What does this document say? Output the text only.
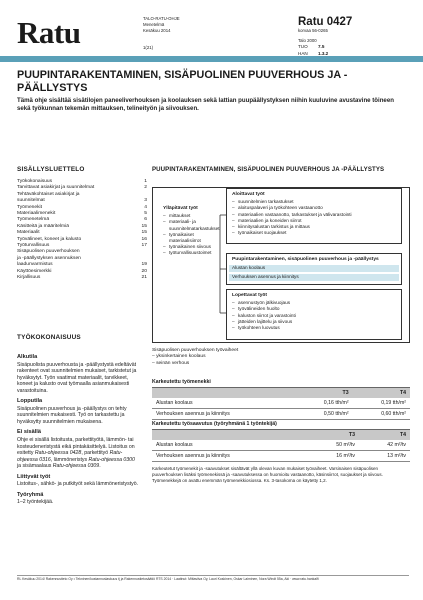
Ratu	TALO-RATU-OHJE
Menetelmä
Kesäkuu 2014
1(21)
Ratu 0427
korvaa 56-0265
Talo 2000
TUO	7.5
HAN	1.3.2
PUUPINTARAKENTAMINEN, SISÄPUOLINEN PUUVERHOUS JA -PÄÄLLYSTYS
Tämä ohje sisältää sisätilojen paneeliverhouksen ja koolauksen sekä lattian puupäällystyksen niihin kuuluvine avustavine töineen sekä työkunnan tekemän mittauksen, telineityön ja siivouksen.
SISÄLLYSLUETTELO
Työkokonaisuus	1
Tarvittavat asiakirjat ja suunnitelmat	2
Tehtäväkohtaiset asiakirjat ja
suunnitelmat	3
Työmenekit	4
Materiaalimenekit	5
Työmenetelmä	6
Käsitteitä ja määritelmiä	15
Materiaalit	15
Työvälineet, koneet ja kalusto	16
Työturvallisuus	17
Sisäpuolisen puuverhouksen
ja -päällystyksen asennuksen
laadunvarmistus	19
Käyttöesimerkki	20
Kirjallisuus	21
TYÖKOKONAISUUS
Alkutila

Sisäpuolista puuverhousta ja -päällystystä edeltävät rakenteet ovat suunnitelmien mukaiset, tarkistetut ja hyväksytyt. Työn vaatimat materiaalit, tarvikkeet, koneet ja kalusto ovat työmaalla asianmukaisesti varastoituina.

Lopputila

Sisäpuolinen puuverhous ja -päällystys on tehty suunnitelmien mukaisesti. Työ on tarkastettu ja hyväksytty suunnitelmien mukaisena.

Ei sisällä

Ohje ei sisällä listoitusta, parkettityötä, lämmön- tai kosteudeneristystä eikä pintakäsittelyä. Listoitus on esitetty Ratu-ohjeessa 0428, parkettityö Ratu-ohjeessa 0316, lämmöneristys Ratu-ohjeessa 0300 ja sisämaalaus Ratu-ohjeessa 0309.

Liittyvät työt

Listoitus-, sähkö- ja putkityöt sekä lämmöneristystyö.

Työryhmä

1–2 työntekijää.

PUUPINTARAKENTAMINEN, SISÄPUOLINEN PUUVERHOUS JA -PÄÄLLYSTYS
Ylläpitävät työt
– mittaukset
– materiaali- ja suunnitelmatarkastukset
– työnaikaiset materiaalisiirrot
– työnaikainen siivous
– työturvallisuustoimet
Aloittavat työt
– suunnitelmien tarkastukset
– aloituspalaveri ja työkohteen vastaanotto
– materiaalien vastaanotto, tarkastukset ja välivarastointi
– materiaalien ja koneiden siirrot
– kiinnitysalustan tarkistus ja mittaus
– työnaikaiset suojaukset
Puupintarakentaminen, sisäpuolinen puuverhous ja -päällystys
Alustan koolaus
Verhouksen asennus ja kiinnitys
Lopettavat työt
– asennustyön jälkivuojaus
– työvälineiden huolto
– kaluston siirrot ja varastointi
– jätteiden lajittelu ja siivous
– työkohteen luovutus
Sisäpuolisen puuverhouksen työvaiheet
– yksinkertainen koolaus
– seinän verhous
Karkeutettu työmenekki
	T3	T4
Alustan koolaus	0,16 tth/m²	0,19 tth/m²
Verhouksen asennus ja kiinnitys	0,50 tth/m²	0,60 tth/m²
Karkeutettu työsaavutus (työryhmänä 1 työntekijä)
	T3	T4
Alustan koolaus	50 m²/tv	42 m²/tv
Verhouksen asennus ja kiinnitys	16 m²/tv	13 m²/tv
Karkeutetut työmenekit ja -saavutukset sisältävät yllä olevan kuvan mukaiset työvaiheet. Varsinaisen sisäpuolisen puuverhouksen lisäksi työmenekissä ja -saavutuksessa on huomioitu vastaanotto, käsinsiirrot, suojaukset ja siivous. Työmenekkejä on avattu enemmän työmenekkiosiossa. Ks. 3-tasokoma on käytetty 1,2.
RL Kesäkuu 2014/ Rakennustieto Oy • Tekninen/kustannuslaskuus tj ja Rakennustietosäätiö RTS 2014 · Laatinut: Mittaviiva Oy, Lauri Koskinen, Oskar Laiminen, Nora Windt 55a, Aki · www.ratu.hankalfi
